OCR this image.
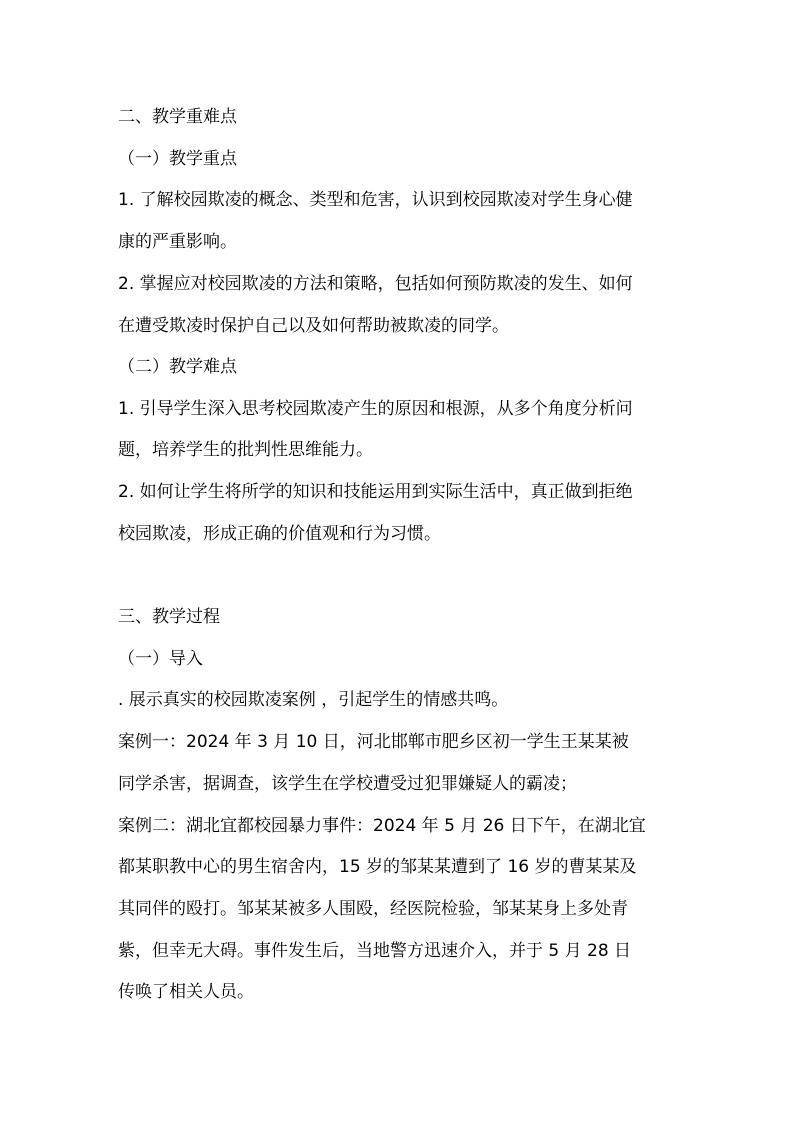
二、教学重难点
（一）教学重点
1. 了解校园欺凌的概念、类型和危害，认识到校园欺凌对学生身心健
康的严重影响。
2. 掌握应对校园欺凌的方法和策略，包括如何预防欺凌的发生、如何
在遭受欺凌时保护自己以及如何帮助被欺凌的同学。
（二）教学难点
1. 引导学生深入思考校园欺凌产生的原因和根源，从多个角度分析问
题，培养学生的批判性思维能力。
2. 如何让学生将所学的知识和技能运用到实际生活中，真正做到拒绝
校园欺凌，形成正确的价值观和行为习惯。
三、教学过程
（一）导入
. 展示真实的校园欺凌案例 ，引起学生的情感共鸣。
案例一：2024 年 3 月 10 日，河北邯郸市肥乡区初一学生王某某被
同学杀害，据调查，该学生在学校遭受过犯罪嫌疑人的霸凌；
案例二：湖北宜都校园暴力事件：2024 年 5 月 26 日下午，在湖北宜
都某职教中心的男生宿舍内，15 岁的邹某某遭到了 16 岁的曹某某及
其同伴的殴打。邹某某被多人围殴，经医院检验，邹某某身上多处青
紫，但幸无大碍。事件发生后，当地警方迅速介入，并于 5 月 28 日
传唤了相关人员。
